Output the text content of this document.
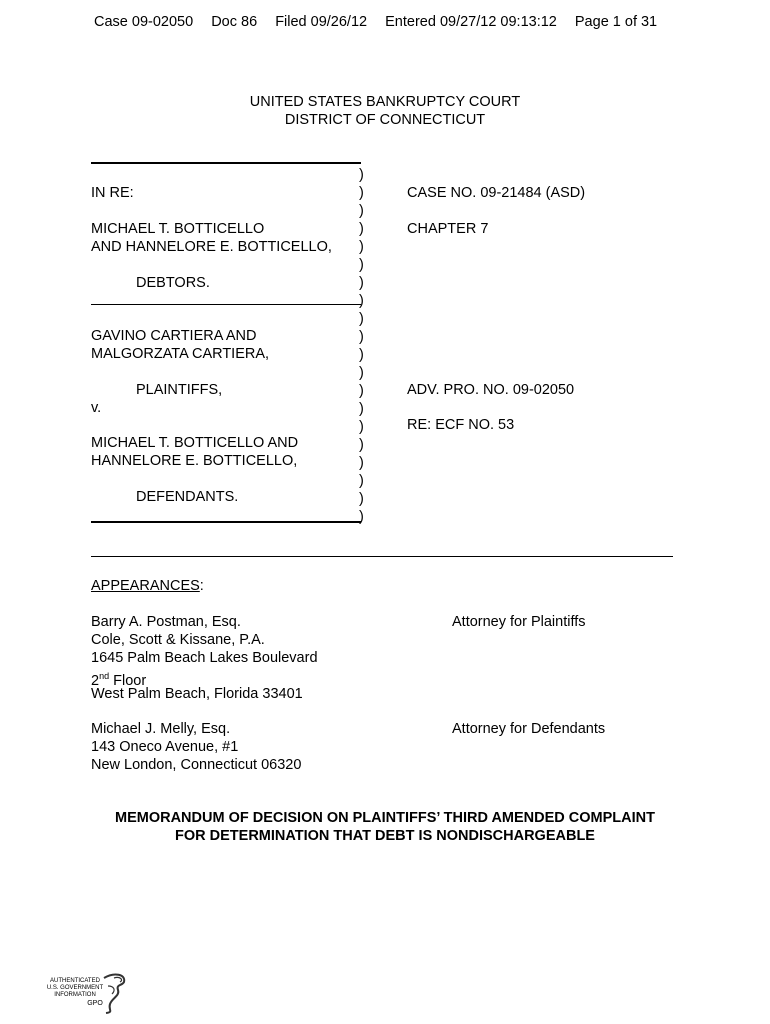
Case 09-02050 Doc 86 Filed 09/26/12 Entered 09/27/12 09:13:12 Page 1 of 31
UNITED STATES BANKRUPTCY COURT
DISTRICT OF CONNECTICUT
)
)
)
)
)
)
)
)
)
)
)
)
)
)
)
)
)
)
)
)
IN RE:
MICHAEL T. BOTTICELLO
AND HANNELORE E. BOTTICELLO,
DEBTORS.
GAVINO CARTIERA AND
MALGORZATA CARTIERA,
PLAINTIFFS,
v.
MICHAEL T. BOTTICELLO AND
HANNELORE E. BOTTICELLO,
DEFENDANTS.
CASE NO. 09-21484 (ASD)
CHAPTER 7
ADV. PRO. NO. 09-02050
RE: ECF NO. 53
APPEARANCES:
Barry A. Postman, Esq.
Cole, Scott & Kissane, P.A.
1645 Palm Beach Lakes Boulevard
2nd Floor
West Palm Beach, Florida 33401
Attorney for Plaintiffs
Michael J. Melly, Esq.
143 Oneco Avenue, #1
New London, Connecticut 06320
Attorney for Defendants
MEMORANDUM OF DECISION ON PLAINTIFFS’ THIRD AMENDED COMPLAINT
FOR DETERMINATION THAT DEBT IS NONDISCHARGEABLE
AUTHENTICATED
U.S. GOVERNMENT
INFORMATION
GPO
